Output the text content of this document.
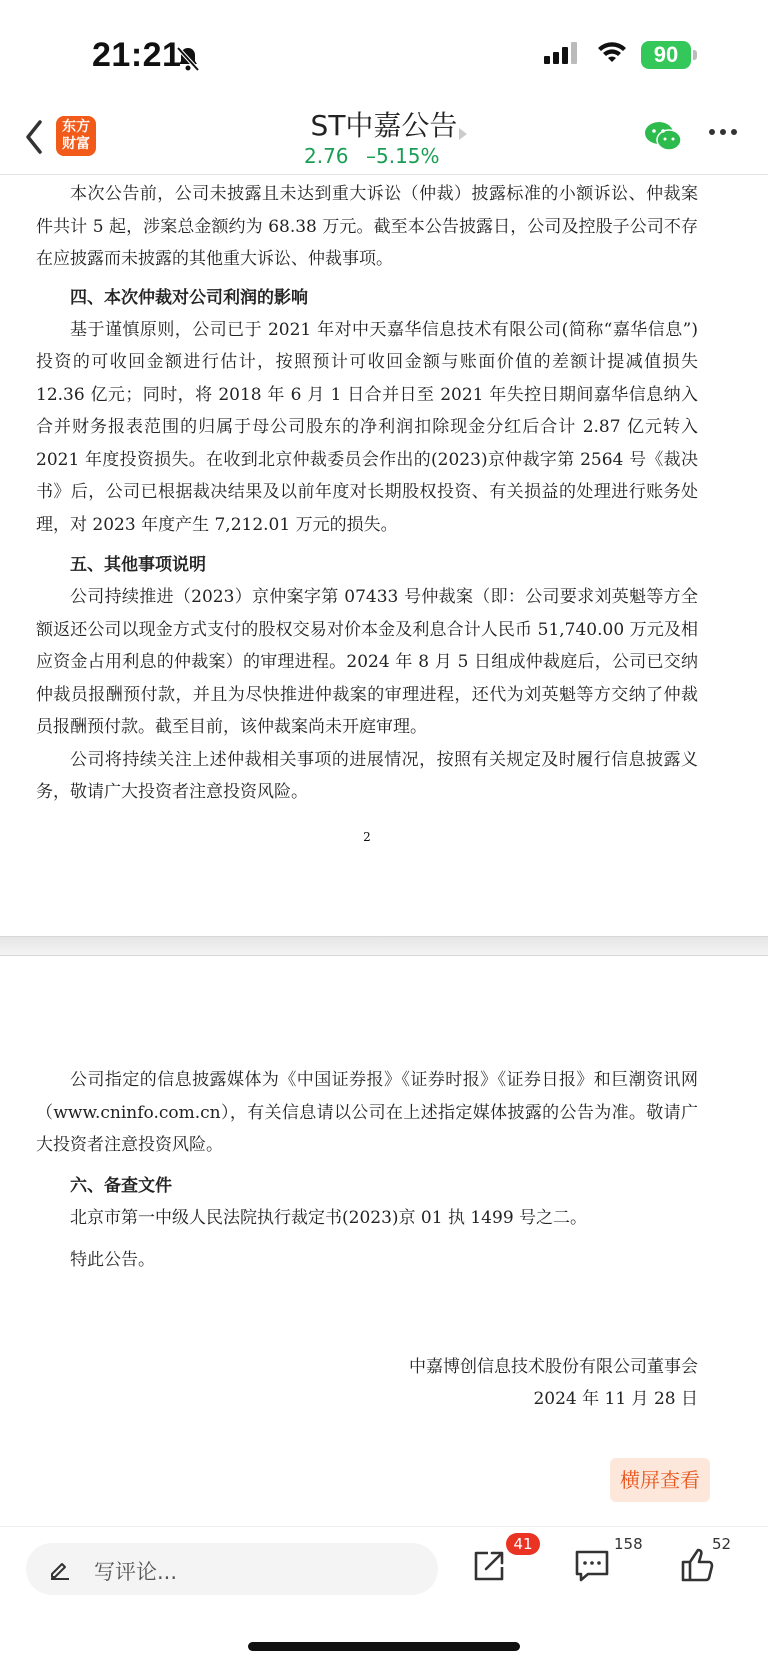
21:21	90
东方
财富
ST中嘉公告
2.76 –5.15%

本次公告前，公司未披露且未达到重大诉讼（仲裁）披露标准的小额诉讼、仲裁案件共计 5 起，涉案总金额约为 68.38 万元。截至本公告披露日，公司及控股子公司不存在应披露而未披露的其他重大诉讼、仲裁事项。

四、本次仲裁对公司利润的影响

基于谨慎原则，公司已于 2021 年对中天嘉华信息技术有限公司(简称“嘉华信息”)投资的可收回金额进行估计，按照预计可收回金额与账面价值的差额计提减值损失 12.36 亿元；同时，将 2018 年 6 月 1 日合并日至 2021 年失控日期间嘉华信息纳入合并财务报表范围的归属于母公司股东的净利润扣除现金分红后合计 2.87 亿元转入 2021 年度投资损失。在收到北京仲裁委员会作出的(2023)京仲裁字第 2564 号《裁决书》后，公司已根据裁决结果及以前年度对长期股权投资、有关损益的处理进行账务处理，对 2023 年度产生 7,212.01 万元的损失。

五、其他事项说明

公司持续推进（2023）京仲案字第 07433 号仲裁案（即：公司要求刘英魁等方全额返还公司以现金方式支付的股权交易对价本金及利息合计人民币 51,740.00 万元及相应资金占用利息的仲裁案）的审理进程。2024 年 8 月 5 日组成仲裁庭后，公司已交纳仲裁员报酬预付款，并且为尽快推进仲裁案的审理进程，还代为刘英魁等方交纳了仲裁员报酬预付款。截至目前，该仲裁案尚未开庭审理。

公司将持续关注上述仲裁相关事项的进展情况，按照有关规定及时履行信息披露义务，敬请广大投资者注意投资风险。

2

公司指定的信息披露媒体为《中国证券报》《证券时报》《证券日报》和巨潮资讯网（www.cninfo.com.cn），有关信息请以公司在上述指定媒体披露的公告为准。敬请广大投资者注意投资风险。

六、备查文件

北京市第一中级人民法院执行裁定书(2023)京 01 执 1499 号之二。

特此公告。

中嘉博创信息技术股份有限公司董事会
2024 年 11 月 28 日
横屏查看
写评论...
41	158	52
